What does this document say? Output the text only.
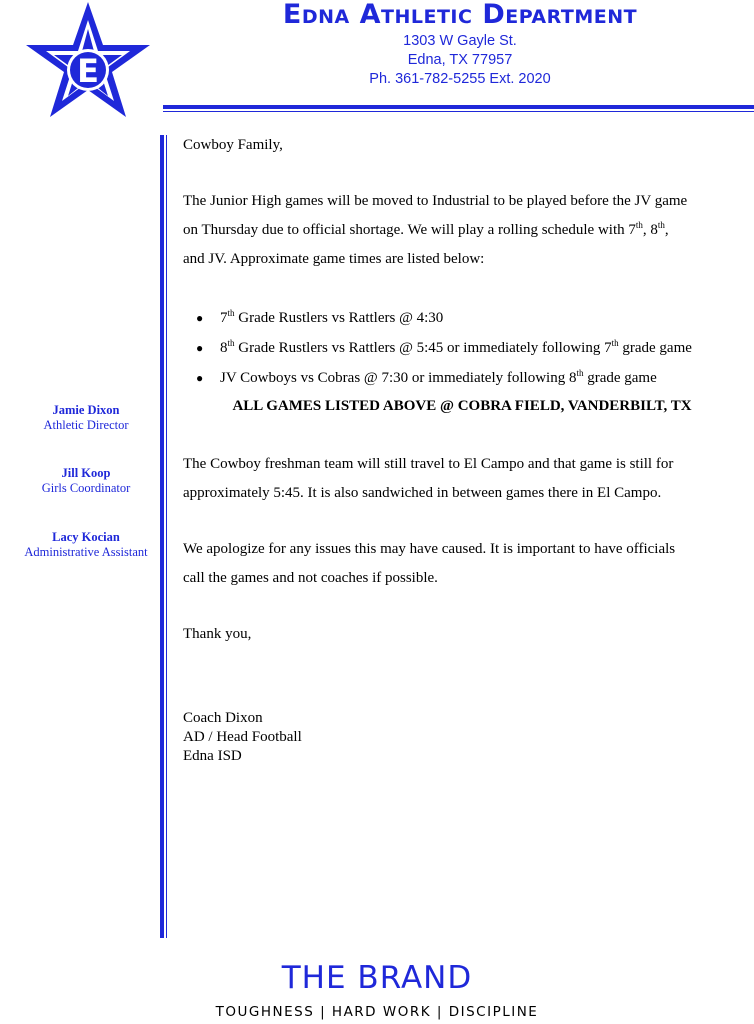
E
Edna Athletic Department
1303 W Gayle St.
Edna, TX 77957
Ph. 361-782-5255 Ext. 2020
Jamie Dixon
Athletic Director
Jill Koop
Girls Coordinator
Lacy Kocian
Administrative Assistant
Cowboy Family,
The Junior High games will be moved to Industrial to be played before the JV game
on Thursday due to official shortage. We will play a rolling schedule with 7th, 8th,
and JV. Approximate game times are listed below:
● 7th Grade Rustlers vs Rattlers @ 4:30
● 8th Grade Rustlers vs Rattlers @ 5:45 or immediately following 7th grade game
● JV Cowboys vs Cobras @ 7:30 or immediately following 8th grade game
ALL GAMES LISTED ABOVE @ COBRA FIELD, VANDERBILT, TX
The Cowboy freshman team will still travel to El Campo and that game is still for
approximately 5:45. It is also sandwiched in between games there in El Campo.
We apologize for any issues this may have caused. It is important to have officials
call the games and not coaches if possible.
Thank you,
Coach Dixon
AD / Head Football
Edna ISD
THE BRAND
TOUGHNESS | HARD WORK | DISCIPLINE
